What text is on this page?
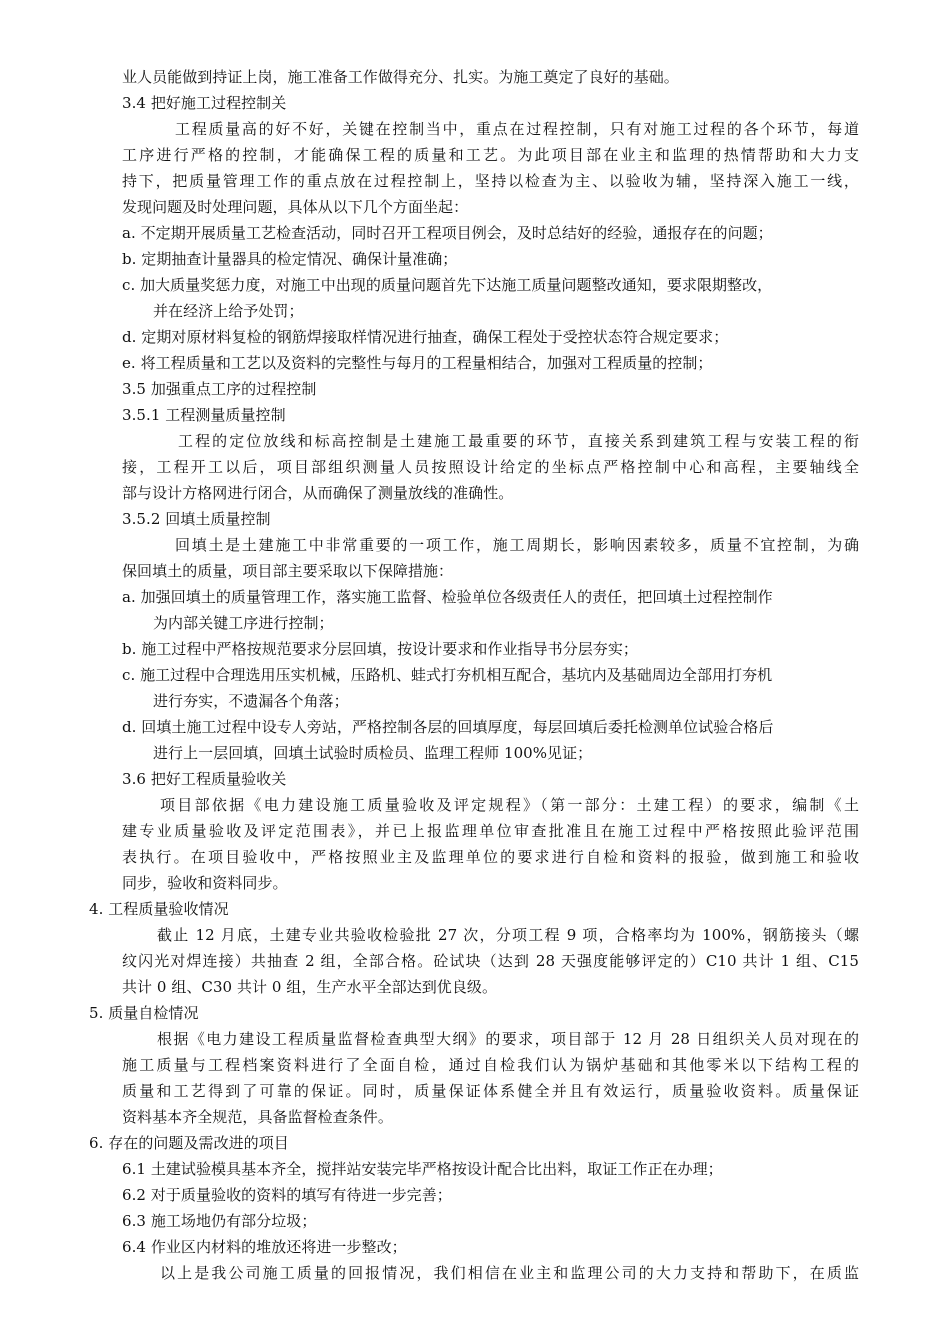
业人员能做到持证上岗，施工准备工作做得充分、扎实。为施工奠定了良好的基础。
3.4 把好施工过程控制关
工程质量高的好不好，关键在控制当中，重点在过程控制，只有对施工过程的各个环节，每道
工序进行严格的控制，才能确保工程的质量和工艺。为此项目部在业主和监理的热情帮助和大力支
持下，把质量管理工作的重点放在过程控制上，坚持以检查为主、以验收为辅，坚持深入施工一线，
发现问题及时处理问题，具体从以下几个方面坐起：
a. 不定期开展质量工艺检查活动，同时召开工程项目例会，及时总结好的经验，通报存在的问题；
b. 定期抽查计量器具的检定情况、确保计量准确；
c. 加大质量奖惩力度，对施工中出现的质量问题首先下达施工质量问题整改通知，要求限期整改，
并在经济上给予处罚；
d. 定期对原材料复检的钢筋焊接取样情况进行抽查，确保工程处于受控状态符合规定要求；
e. 将工程质量和工艺以及资料的完整性与每月的工程量相结合，加强对工程质量的控制；
3.5 加强重点工序的过程控制
3.5.1 工程测量质量控制
工程的定位放线和标高控制是土建施工最重要的环节，直接关系到建筑工程与安装工程的衔
接，工程开工以后，项目部组织测量人员按照设计给定的坐标点严格控制中心和高程，主要轴线全
部与设计方格网进行闭合，从而确保了测量放线的准确性。
3.5.2 回填土质量控制
回填土是土建施工中非常重要的一项工作，施工周期长，影响因素较多，质量不宜控制，为确
保回填土的质量，项目部主要采取以下保障措施：
a. 加强回填土的质量管理工作，落实施工监督、检验单位各级责任人的责任，把回填土过程控制作
为内部关键工序进行控制；
b. 施工过程中严格按规范要求分层回填，按设计要求和作业指导书分层夯实；
c. 施工过程中合理选用压实机械，压路机、蛙式打夯机相互配合，基坑内及基础周边全部用打夯机
进行夯实，不遗漏各个角落；
d. 回填土施工过程中设专人旁站，严格控制各层的回填厚度，每层回填后委托检测单位试验合格后
进行上一层回填，回填土试验时质检员、监理工程师 100%见证；
3.6 把好工程质量验收关
项目部依据《电力建设施工质量验收及评定规程》（第一部分：土建工程）的要求，编制《土
建专业质量验收及评定范围表》，并已上报监理单位审查批准且在施工过程中严格按照此验评范围
表执行。在项目验收中，严格按照业主及监理单位的要求进行自检和资料的报验，做到施工和验收
同步，验收和资料同步。
4. 工程质量验收情况
截止 12 月底，土建专业共验收检验批 27 次，分项工程 9 项，合格率均为 100%，钢筋接头（螺
纹闪光对焊连接）共抽查 2 组，全部合格。砼试块（达到 28 天强度能够评定的）C10 共计 1 组、C15
共计 0 组、C30 共计 0 组，生产水平全部达到优良级。
5. 质量自检情况
根据《电力建设工程质量监督检查典型大纲》的要求，项目部于 12 月 28 日组织关人员对现在的
施工质量与工程档案资料进行了全面自检，通过自检我们认为锅炉基础和其他零米以下结构工程的
质量和工艺得到了可靠的保证。同时，质量保证体系健全并且有效运行，质量验收资料。质量保证
资料基本齐全规范，具备监督检查条件。
6. 存在的问题及需改进的项目
6.1 土建试验模具基本齐全，搅拌站安装完毕严格按设计配合比出料，取证工作正在办理；
6.2 对于质量验收的资料的填写有待进一步完善；
6.3 施工场地仍有部分垃圾；
6.4 作业区内材料的堆放还将进一步整改；
以上是我公司施工质量的回报情况，我们相信在业主和监理公司的大力支持和帮助下，在质监
